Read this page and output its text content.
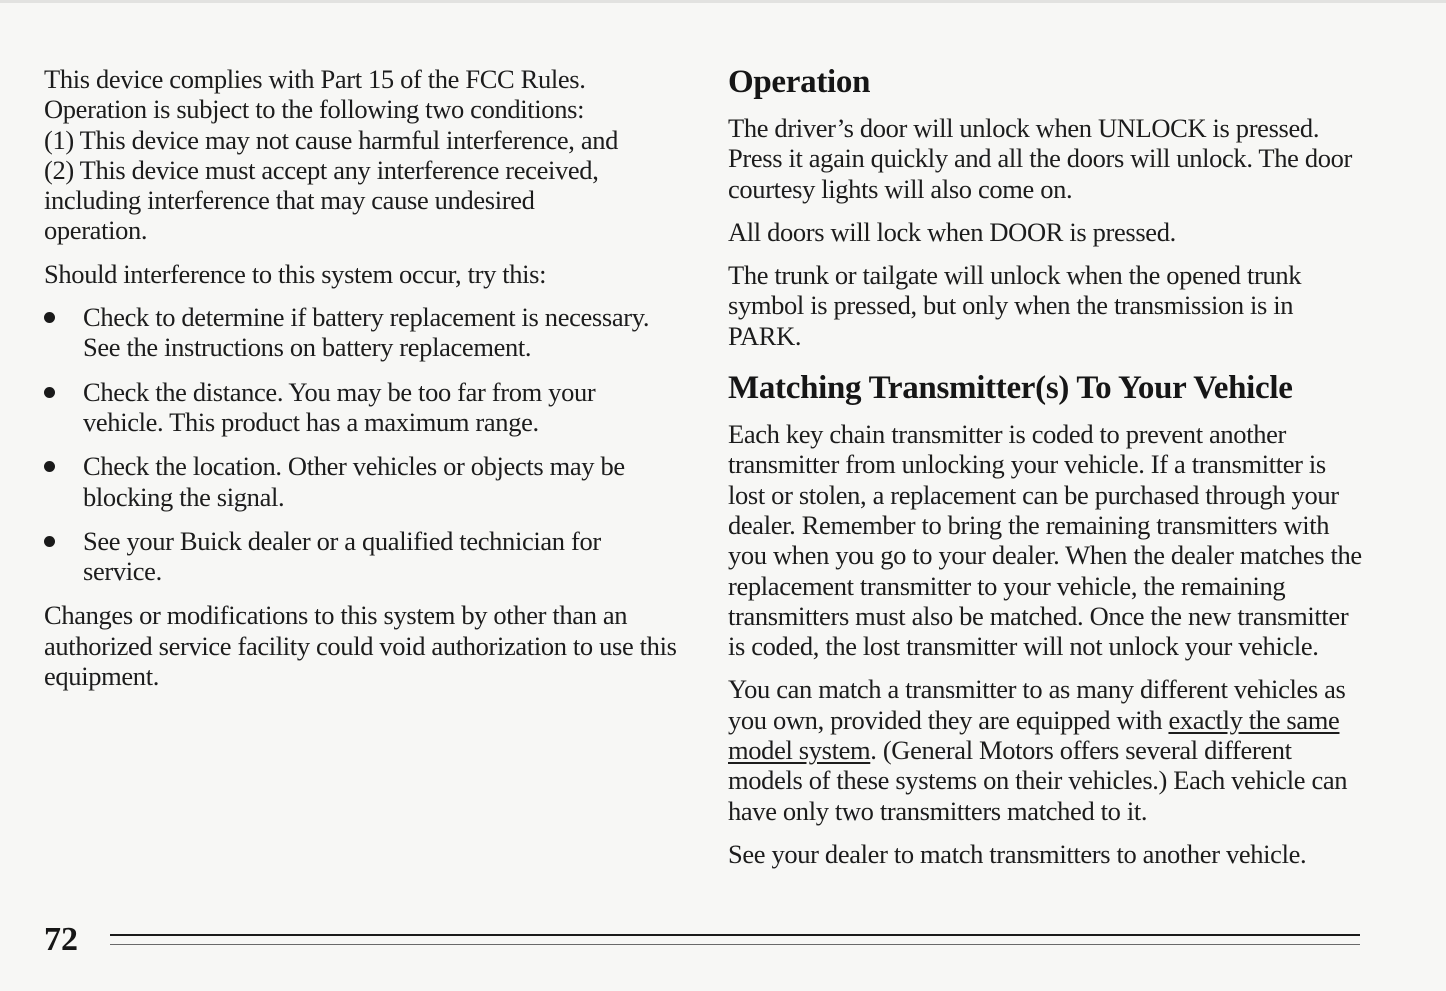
This device complies with Part 15 of the FCC Rules.
Operation is subject to the following two conditions:
(1) This device may not cause harmful interference, and
(2) This device must accept any interference received,
including interference that may cause undesired
operation.

Should interference to this system occur, try this:

Check to determine if battery replacement is necessary. See the instructions on battery replacement.
Check the distance. You may be too far from your vehicle. This product has a maximum range.
Check the location. Other vehicles or objects may be blocking the signal.
See your Buick dealer or a qualified technician for service.

Changes or modifications to this system by other than an authorized service facility could void authorization to use this equipment.

Operation

The driver’s door will unlock when UNLOCK is pressed. Press it again quickly and all the doors will unlock. The door courtesy lights will also come on.

All doors will lock when DOOR is pressed.

The trunk or tailgate will unlock when the opened trunk symbol is pressed, but only when the transmission is in PARK.

Matching Transmitter(s) To Your Vehicle

Each key chain transmitter is coded to prevent another transmitter from unlocking your vehicle. If a transmitter is lost or stolen, a replacement can be purchased through your dealer. Remember to bring the remaining transmitters with you when you go to your dealer. When the dealer matches the replacement transmitter to your vehicle, the remaining transmitters must also be matched. Once the new transmitter is coded, the lost transmitter will not unlock your vehicle.

You can match a transmitter to as many different vehicles as you own, provided they are equipped with exactly the same model system. (General Motors offers several different models of these systems on their vehicles.) Each vehicle can have only two transmitters matched to it.

See your dealer to match transmitters to another vehicle.

72
